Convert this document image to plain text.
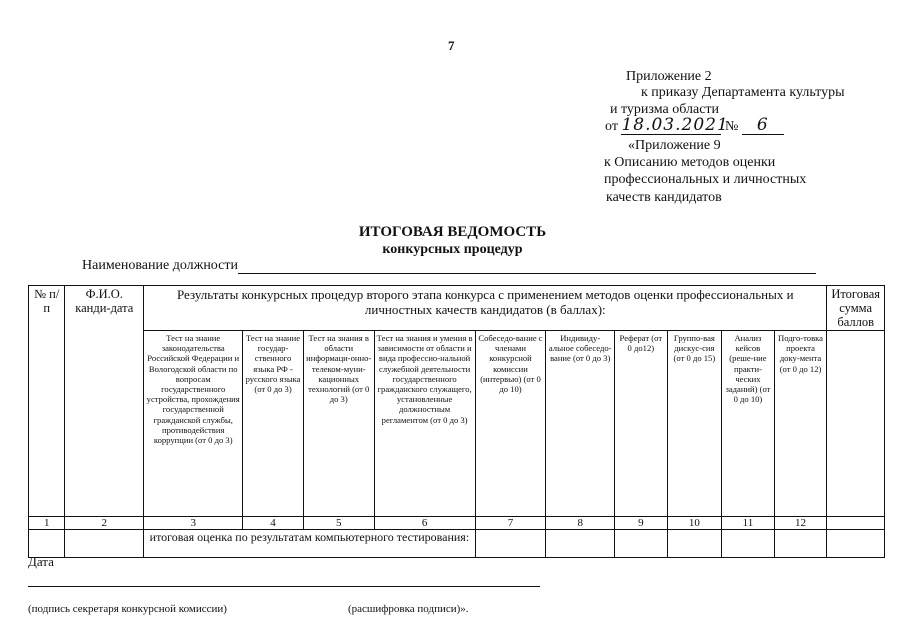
7
Приложение 2
к приказу Департамента культуры
и туризма области
от 18.03.2021 № 6
«Приложение 9
к Описанию методов оценки
профессиональных и личностных
качеств кандидатов
ИТОГОВАЯ ВЕДОМОСТЬ
конкурсных процедур
Наименование должности
№ п/п	Ф.И.О. канди-дата	Результаты конкурсных процедур второго этапа конкурса с применением методов оценки профессиональных и личностных качеств кандидатов (в баллах):										Итоговая сумма баллов
		Тест на знание законодательства Российской Федерации и Вологодской области по вопросам государственного устройства, прохождения государственной гражданской службы, противодействия коррупции (от 0 до 3)	Тест на знание государ-ственного языка РФ - русского языка (от 0 до 3)	Тест на знания в области информаци-онно-телеком-муни-кационных технологий (от 0 до 3)	Тест на знания и умения в зависимости от области и вида профессио-нальной служебной деятельности государственного гражданского служащего, установленные должностным регламентом (от 0 до 3)	Собеседо-вание с членами конкурсной комиссии (интервью) (от 0 до 10)	Индивиду-альное собеседо-вание (от 0 до 3)	Реферат (от 0 до12)	Группо-вая дискус-сия (от 0 до 15)	Анализ кейсов (реше-ние практи-ческих заданий) (от 0 до 10)	Подго-товка проекта доку-мента (от 0 до 12)	
1	2	3	4	5	6	7	8	9	10	11	12	
		итоговая оценка по результатам компьютерного тестирования:										
Дата
(подпись секретаря конкурсной комиссии)	(расшифровка подписи)».
